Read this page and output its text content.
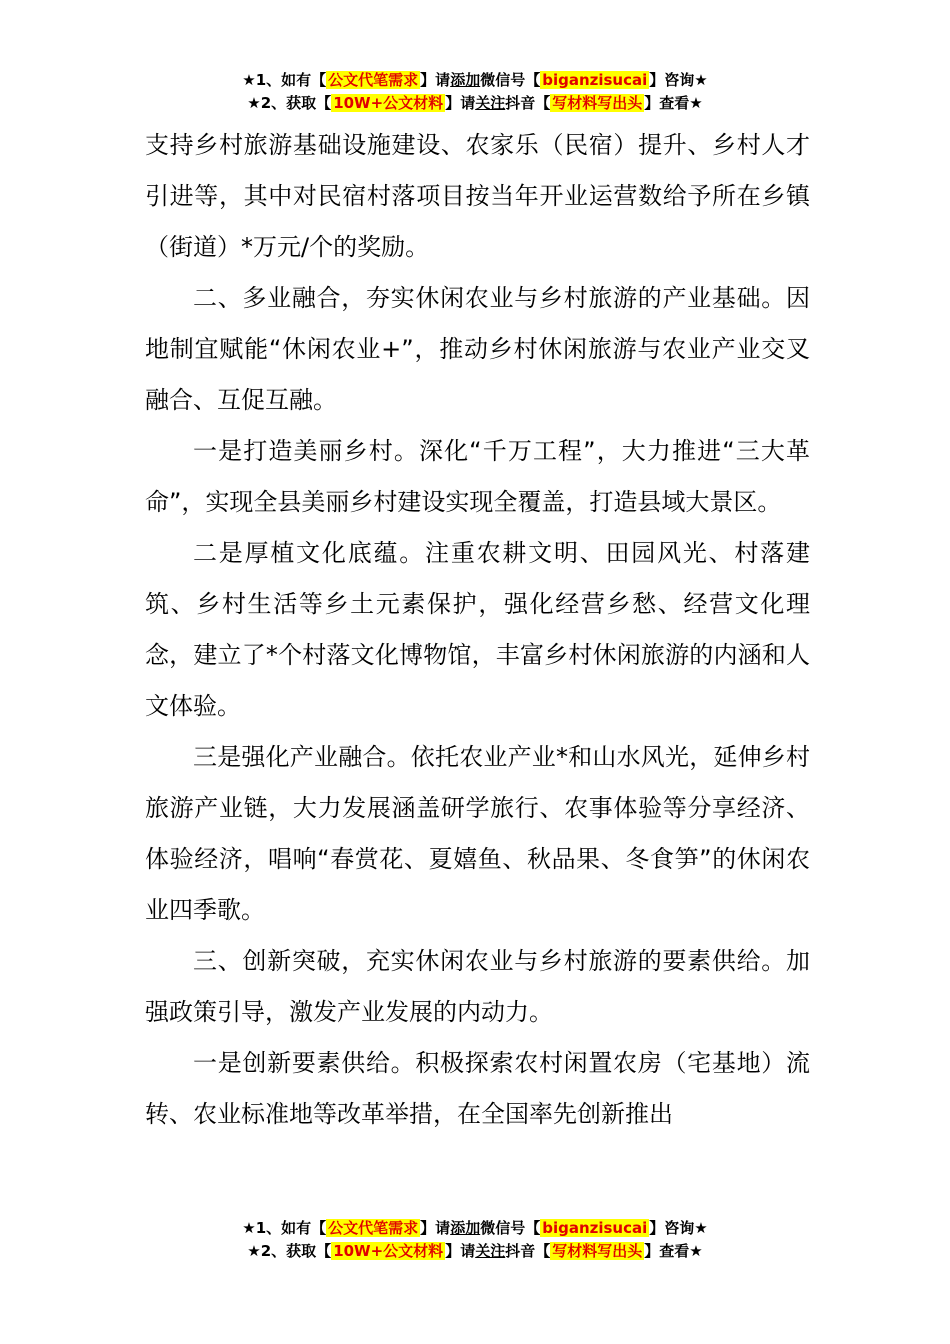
★1、如有【 公文代笔需求 】请添加微信号【 biganzisucai 】咨询★
★2、获取【 10W+公文材料 】请关注抖音【 写材料写出头 】查看★

支持乡村旅游基础设施建设、农家乐（民宿）提升、乡村人才引进等，其中对民宿村落项目按当年开业运营数给予所在乡镇（街道）*万元/个的奖励。

二、多业融合，夯实休闲农业与乡村旅游的产业基础。因地制宜赋能“休闲农业+”，推动乡村休闲旅游与农业产业交叉融合、互促互融。

一是打造美丽乡村。深化“千万工程”，大力推进“三大革命”，实现全县美丽乡村建设实现全覆盖，打造县域大景区。

二是厚植文化底蕴。注重农耕文明、田园风光、村落建筑、乡村生活等乡土元素保护，强化经营乡愁、经营文化理念，建立了*个村落文化博物馆，丰富乡村休闲旅游的内涵和人文体验。

三是强化产业融合。依托农业产业*和山水风光，延伸乡村旅游产业链，大力发展涵盖研学旅行、农事体验等分享经济、体验经济，唱响“春赏花、夏嬉鱼、秋品果、冬食笋”的休闲农业四季歌。

三、创新突破，充实休闲农业与乡村旅游的要素供给。加强政策引导，激发产业发展的内动力。

一是创新要素供给。积极探索农村闲置农房（宅基地）流转、农业标准地等改革举措，在全国率先创新推出

★1、如有【 公文代笔需求 】请添加微信号【 biganzisucai 】咨询★
★2、获取【 10W+公文材料 】请关注抖音【 写材料写出头 】查看★
